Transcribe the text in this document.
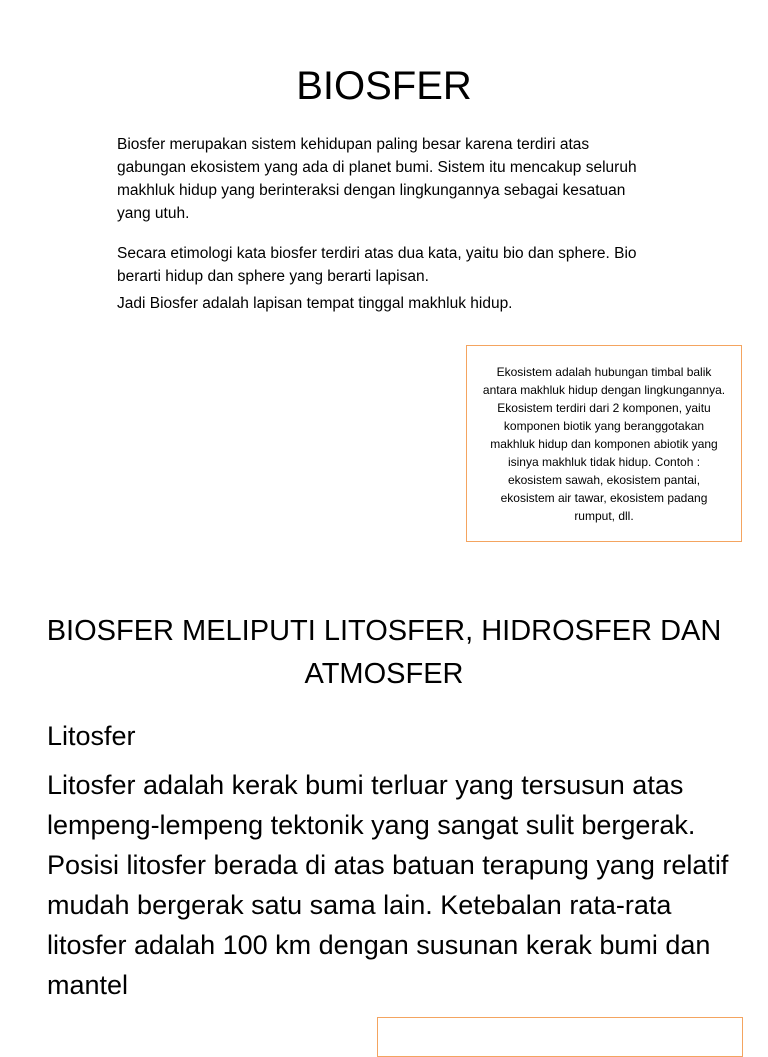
BIOSFER

Biosfer merupakan sistem kehidupan paling besar karena terdiri atas gabungan ekosistem yang ada di planet bumi. Sistem itu mencakup seluruh makhluk hidup yang berinteraksi dengan lingkungannya sebagai kesatuan yang utuh.

Secara etimologi kata biosfer terdiri atas dua kata, yaitu bio dan sphere. Bio berarti hidup dan sphere yang berarti lapisan.

Jadi Biosfer adalah lapisan tempat tinggal makhluk hidup.

Ekosistem adalah hubungan timbal balik antara makhluk hidup dengan lingkungannya. Ekosistem terdiri dari 2 komponen, yaitu komponen biotik yang beranggotakan makhluk hidup dan komponen abiotik yang isinya makhluk tidak hidup. Contoh : ekosistem sawah, ekosistem pantai, ekosistem air tawar, ekosistem padang rumput, dll.

BIOSFER MELIPUTI LITOSFER, HIDROSFER DAN ATMOSFER

Litosfer

Litosfer adalah kerak bumi terluar yang tersusun atas lempeng-lempeng tektonik yang sangat sulit bergerak. Posisi litosfer berada di atas batuan terapung yang relatif mudah bergerak satu sama lain. Ketebalan rata-rata litosfer adalah 100 km dengan susunan kerak bumi dan mantel
